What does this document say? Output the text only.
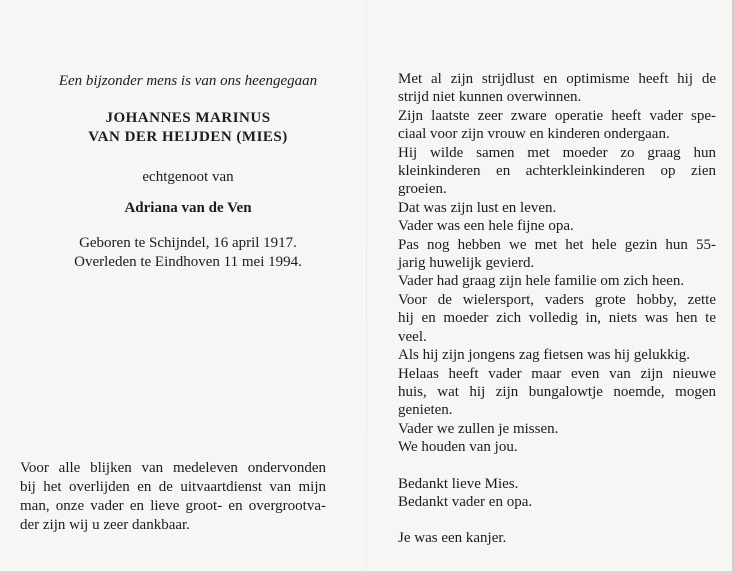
Een bijzonder mens is van ons heengegaan
JOHANNES MARINUS
VAN DER HEIJDEN (MIES)
echtgenoot van
Adriana van de Ven
Geboren te Schijndel, 16 april 1917.
Overleden te Eindhoven 11 mei 1994.
Voor alle blijken van medeleven ondervonden
bij het overlijden en de uitvaartdienst van mijn
man, onze vader en lieve groot- en overgrootva-
der zijn wij u zeer dankbaar.
Met al zijn strijdlust en optimisme heeft hij de
strijd niet kunnen overwinnen.
Zijn laatste zeer zware operatie heeft vader spe-
ciaal voor zijn vrouw en kinderen ondergaan.
Hij wilde samen met moeder zo graag hun
kleinkinderen en achterkleinkinderen op zien
groeien.
Dat was zijn lust en leven.
Vader was een hele fijne opa.
Pas nog hebben we met het hele gezin hun 55-
jarig huwelijk gevierd.
Vader had graag zijn hele familie om zich heen.
Voor de wielersport, vaders grote hobby, zette
hij en moeder zich volledig in, niets was hen te
veel.
Als hij zijn jongens zag fietsen was hij gelukkig.
Helaas heeft vader maar even van zijn nieuwe
huis, wat hij zijn bungalowtje noemde, mogen
genieten.
Vader we zullen je missen.
We houden van jou.
Bedankt lieve Mies.
Bedankt vader en opa.
Je was een kanjer.
